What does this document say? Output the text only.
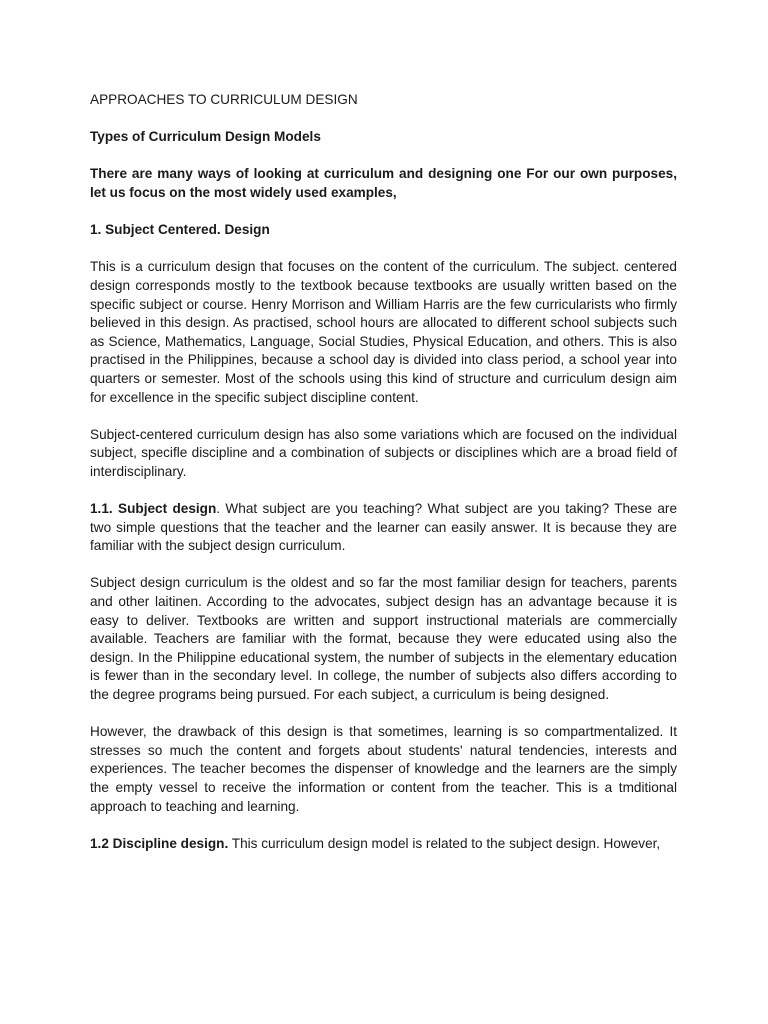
APPROACHES TO CURRICULUM DESIGN

Types of Curriculum Design Models

There are many ways of looking at curriculum and designing one For our own purposes, let us focus on the most widely used examples,

1. Subject Centered. Design

This is a curriculum design that focuses on the content of the curriculum. The subject. centered design corresponds mostly to the textbook because textbooks are usually written based on the specific subject or course. Henry Morrison and William Harris are the few curricularists who firmly believed in this design. As practised, school hours are allocated to different school subjects such as Science, Mathematics, Language, Social Studies, Physical Education, and others. This is also practised in the Philippines, because a school day is divided into class period, a school year into quarters or semester. Most of the schools using this kind of structure and curriculum design aim for excellence in the specific subject discipline content.

Subject-centered curriculum design has also some variations which are focused on the individual subject, specifle discipline and a combination of subjects or disciplines which are a broad field of interdisciplinary.

1.1. Subject design. What subject are you teaching? What subject are you taking? These are two simple questions that the teacher and the learner can easily answer. It is because they are familiar with the subject design curriculum.

Subject design curriculum is the oldest and so far the most familiar design for teachers, parents and other laitinen. According to the advocates, subject design has an advantage because it is easy to deliver. Textbooks are written and support instructional materials are commercially available. Teachers are familiar with the format, because they were educated using also the design. In the Philippine educational system, the number of subjects in the elementary education is fewer than in the secondary level. In college, the number of subjects also differs according to the degree programs being pursued. For each subject, a curriculum is being designed.

However, the drawback of this design is that sometimes, learning is so compartmentalized. It stresses so much the content and forgets about students' natural tendencies, interests and experiences. The teacher becomes the dispenser of knowledge and the learners are the simply the empty vessel to receive the information or content from the teacher. This is a tmditional approach to teaching and learning.

1.2 Discipline design. This curriculum design model is related to the subject design. However,
